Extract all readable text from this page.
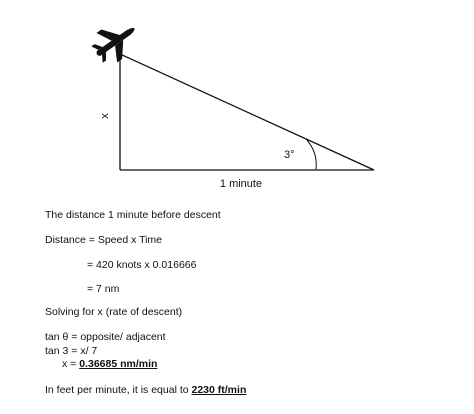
x
3°
1 minute
The distance 1 minute before descent
Distance = Speed x Time
= 420 knots x 0.016666
= 7 nm
Solving for x (rate of descent)
tan θ = opposite/ adjacent
tan 3 = x/ 7
x = 0.36685 nm/min
In feet per minute, it is equal to 2230 ft/min
